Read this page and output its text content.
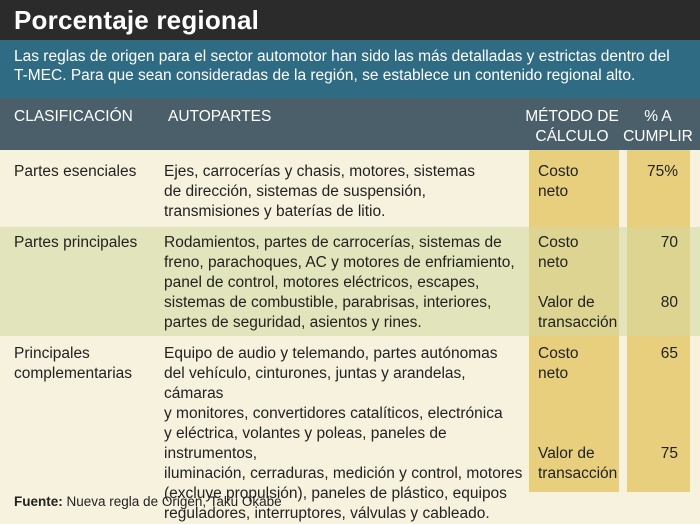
Porcentaje regional
Las reglas de origen para el sector automotor han sido las más detalladas y estrictas dentro del T-MEC. Para que sean consideradas de la región, se establece un contenido regional alto.
CLASIFICACIÓN AUTOPARTES	MÉTODO DE
CÁLCULO
% A
CUMPLIR
Partes esenciales Ejes, carrocerías y chasis, motores, sistemas
de dirección, sistemas de suspensión,
transmisiones y baterías de litio.
Costo
neto
75%
Partes principales Rodamientos, partes de carrocerías, sistemas de
freno, parachoques, AC y motores de enfriamiento,
panel de control, motores eléctricos, escapes,
sistemas de combustible, parabrisas, interiores,
partes de seguridad, asientos y rines.
Costo
neto
70
Valor de
transacción
80
Principales
complementarias
Equipo de audio y telemando, partes autónomas
del vehículo, cinturones, juntas y arandelas, cámaras
y monitores, convertidores catalíticos, electrónica
y eléctrica, volantes y poleas, paneles de instrumentos,
iluminación, cerraduras, medición y control, motores
(excluye propulsión), paneles de plástico, equipos
reguladores, interruptores, válvulas y cableado.
Costo
neto
65
Valor de
transacción
75
Fuente: Nueva regla de Origen, Taku Okabe
